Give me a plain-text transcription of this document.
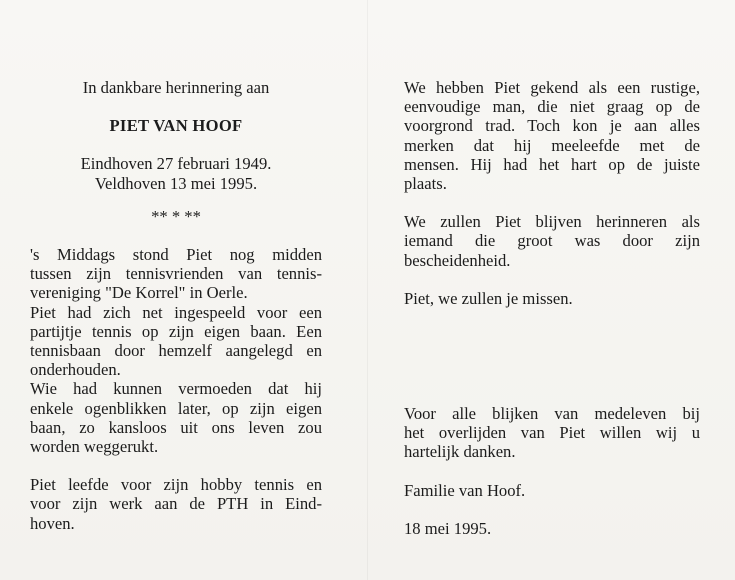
In dankbare herinnering aan

PIET VAN HOOF

Eindhoven 27 februari 1949.

Veldhoven 13 mei 1995.

** * **

's Middags stond Piet nog midden
tussen zijn tennisvrienden van tennis-
vereniging "De Korrel" in Oerle.
Piet had zich net ingespeeld voor een
partijtje tennis op zijn eigen baan. Een
tennisbaan door hemzelf aangelegd en
onderhouden.
Wie had kunnen vermoeden dat hij
enkele ogenblikken later, op zijn eigen
baan, zo kansloos uit ons leven zou
worden weggerukt.
Piet leefde voor zijn hobby tennis en
voor zijn werk aan de PTH in Eind-
hoven.
We hebben Piet gekend als een rustige,
eenvoudige man, die niet graag op de
voorgrond trad. Toch kon je aan alles
merken dat hij meeleefde met de
mensen. Hij had het hart op de juiste
plaats.
We zullen Piet blijven herinneren als
iemand die groot was door zijn
bescheidenheid.

Piet, we zullen je missen.

Voor alle blijken van medeleven bij
het overlijden van Piet willen wij u
hartelijk danken.

Familie van Hoof.

18 mei 1995.
